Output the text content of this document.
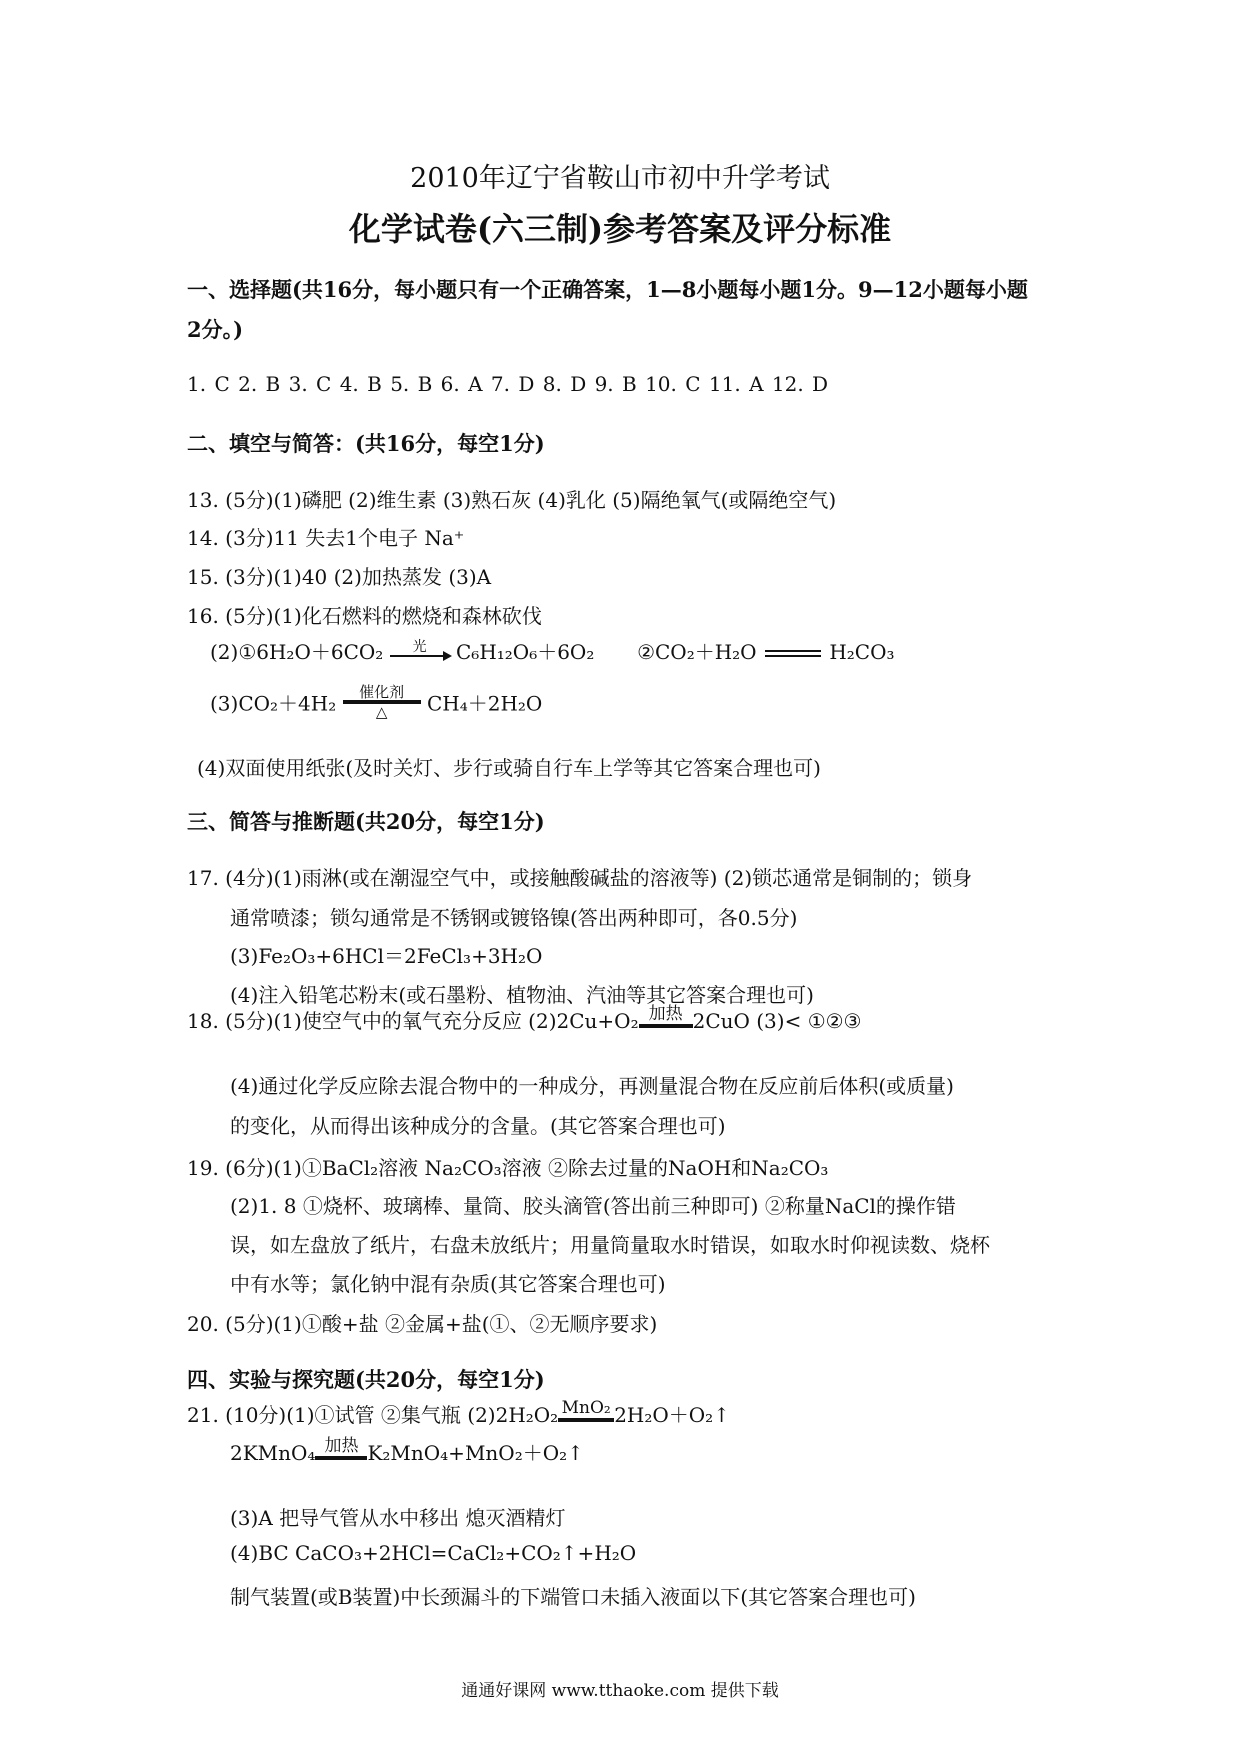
2010年辽宁省鞍山市初中升学考试
化学试卷(六三制)参考答案及评分标准
一、选择题(共16分，每小题只有一个正确答案，1—8小题每小题1分。9—12小题每小题
2分。)
1. C 2. B 3. C 4. B 5. B 6. A 7. D 8. D 9. B 10. C 11. A 12. D
二、填空与简答：(共16分，每空1分)
13. (5分)(1)磷肥 (2)维生素 (3)熟石灰 (4)乳化 (5)隔绝氧气(或隔绝空气)
14. (3分)11 失去1个电子 Na⁺
15. (3分)(1)40 (2)加热蒸发 (3)A
16. (5分)(1)化石燃料的燃烧和森林砍伐
(2)①6H₂O＋6CO₂	光	C₆H₁₂O₆＋6O₂ ②CO₂＋H₂O	H₂CO₃
(3)CO₂＋4H₂	催化剂
△	CH₄＋2H₂O
(4)双面使用纸张(及时关灯、步行或骑自行车上学等其它答案合理也可)
三、简答与推断题(共20分，每空1分)
17. (4分)(1)雨淋(或在潮湿空气中，或接触酸碱盐的溶液等) (2)锁芯通常是铜制的；锁身
通常喷漆；锁勾通常是不锈钢或镀铬镍(答出两种即可，各0.5分)
(3)Fe₂O₃+6HCl＝2FeCl₃+3H₂O
(4)注入铅笔芯粉末(或石墨粉、植物油、汽油等其它答案合理也可)
18. (5分)(1)使空气中的氧气充分反应 (2)2Cu+O₂ 加热 2CuO (3)< ①②③
(4)通过化学反应除去混合物中的一种成分，再测量混合物在反应前后体积(或质量)
的变化，从而得出该种成分的含量。(其它答案合理也可)
19. (6分)(1)①BaCl₂溶液 Na₂CO₃溶液 ②除去过量的NaOH和Na₂CO₃
(2)1. 8 ①烧杯、玻璃棒、量筒、胶头滴管(答出前三种即可) ②称量NaCl的操作错
误，如左盘放了纸片，右盘未放纸片；用量筒量取水时错误，如取水时仰视读数、烧杯
中有水等；氯化钠中混有杂质(其它答案合理也可)
20. (5分)(1)①酸+盐 ②金属+盐(①、②无顺序要求)
四、实验与探究题(共20分，每空1分)
21. (10分)(1)①试管 ②集气瓶 (2)2H₂O₂ MnO₂ 2H₂O＋O₂↑
2KMnO₄ 加热 K₂MnO₄+MnO₂＋O₂↑
(3)A 把导气管从水中移出 熄灭酒精灯
(4)BC CaCO₃+2HCl=CaCl₂+CO₂↑+H₂O
制气装置(或B装置)中长颈漏斗的下端管口未插入液面以下(其它答案合理也可)
通通好课网 www.tthaoke.com 提供下载
